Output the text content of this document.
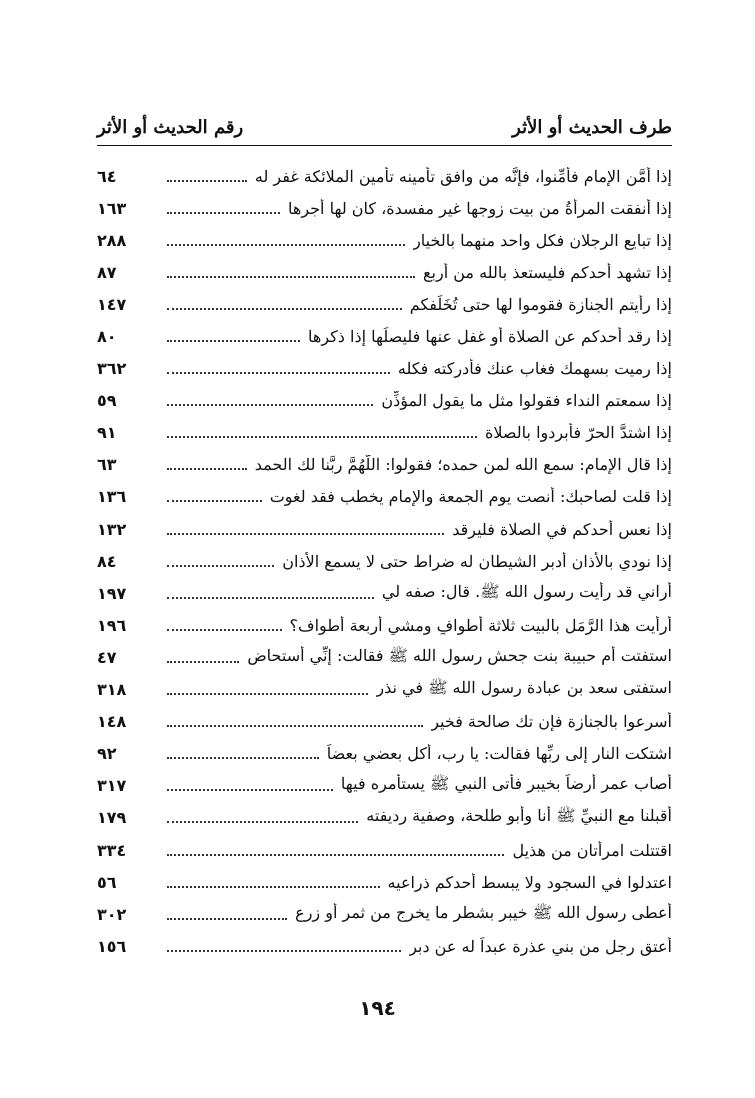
طرف الحديث أو الأثر
رقم الحديث أو الأثر
إذا أمَّن الإمام فأمِّنوا، فإنَّه من وافق تأمينه تأمين الملائكة غفر له
٦٤
إذا أنفقت المرأةُ من بيت زوجها غير مفسدة، كان لها أجرها
١٦٣
إذا تبايع الرجلان فكل واحد منهما بالخيار
٢٨٨
إذا تشهد أحدكم فليستعذ بالله من أربع
٨٧
إذا رأيتم الجنازة فقوموا لها حتى تُخَلِّفكم
١٤٧
إذا رقد أحدكم عن الصلاة أو غفل عنها فليصلِّها إذا ذكرها
٨٠
إذا رميت بسهمك فغاب عنك فأدركته فكله
٣٦٢
إذا سمعتم النداء فقولوا مثل ما يقول المؤذِّن
٥٩
إذا اشتدَّ الحرّ فأبردوا بالصلاة
٩١
إذا قال الإمام: سمع الله لمن حمده؛ فقولوا: اللَّهُمَّ ربَّنا لك الحمد
٦٣
إذا قلت لصاحبك: أنصت يوم الجمعة والإمام يخطب فقد لغوت
١٣٦
إذا نعس أحدكم في الصلاة فليرقد
١٣٢
إذا نودي بالأذان أدبر الشيطان له ضراط حتى لا يسمع الأذان
٨٤
أراني قد رأيت رسول الله ﷺ. قال: صفه لي
١٩٧
أرأيت هذا الرَّمَل بالبيت ثلاثة أطوافٍ ومشي أربعة أطواف؟
١٩٦
استفتت أم حبيبة بنت جحش رسول الله ﷺ فقالت: إنِّي أستحاض
٤٧
استفتى سعد بن عبادة رسول الله ﷺ في نذر
٣١٨
أسرعوا بالجنازة فإن تك صالحة فخير
١٤٨
اشتكت النار إلى ربِّها فقالت: يا رب، أكل بعضي بعضاً
٩٢
أصاب عمر أرضاً بخيبر فأتى النبي ﷺ يستأمره فيها
٣١٧
أقبلنا مع النبيِّ ﷺ أنا وأبو طلحة، وصفية رديفته
١٧٩
اقتتلت امرأتان من هذيل
٣٣٤
اعتدلوا في السجود ولا يبسط أحدكم ذراعيه
٥٦
أعطى رسول الله ﷺ خيبر بشطر ما يخرج من ثمر أو زرع
٣٠٢
أعتق رجل من بني عذرة عبداً له عن دبر
١٥٦
١٩٤
